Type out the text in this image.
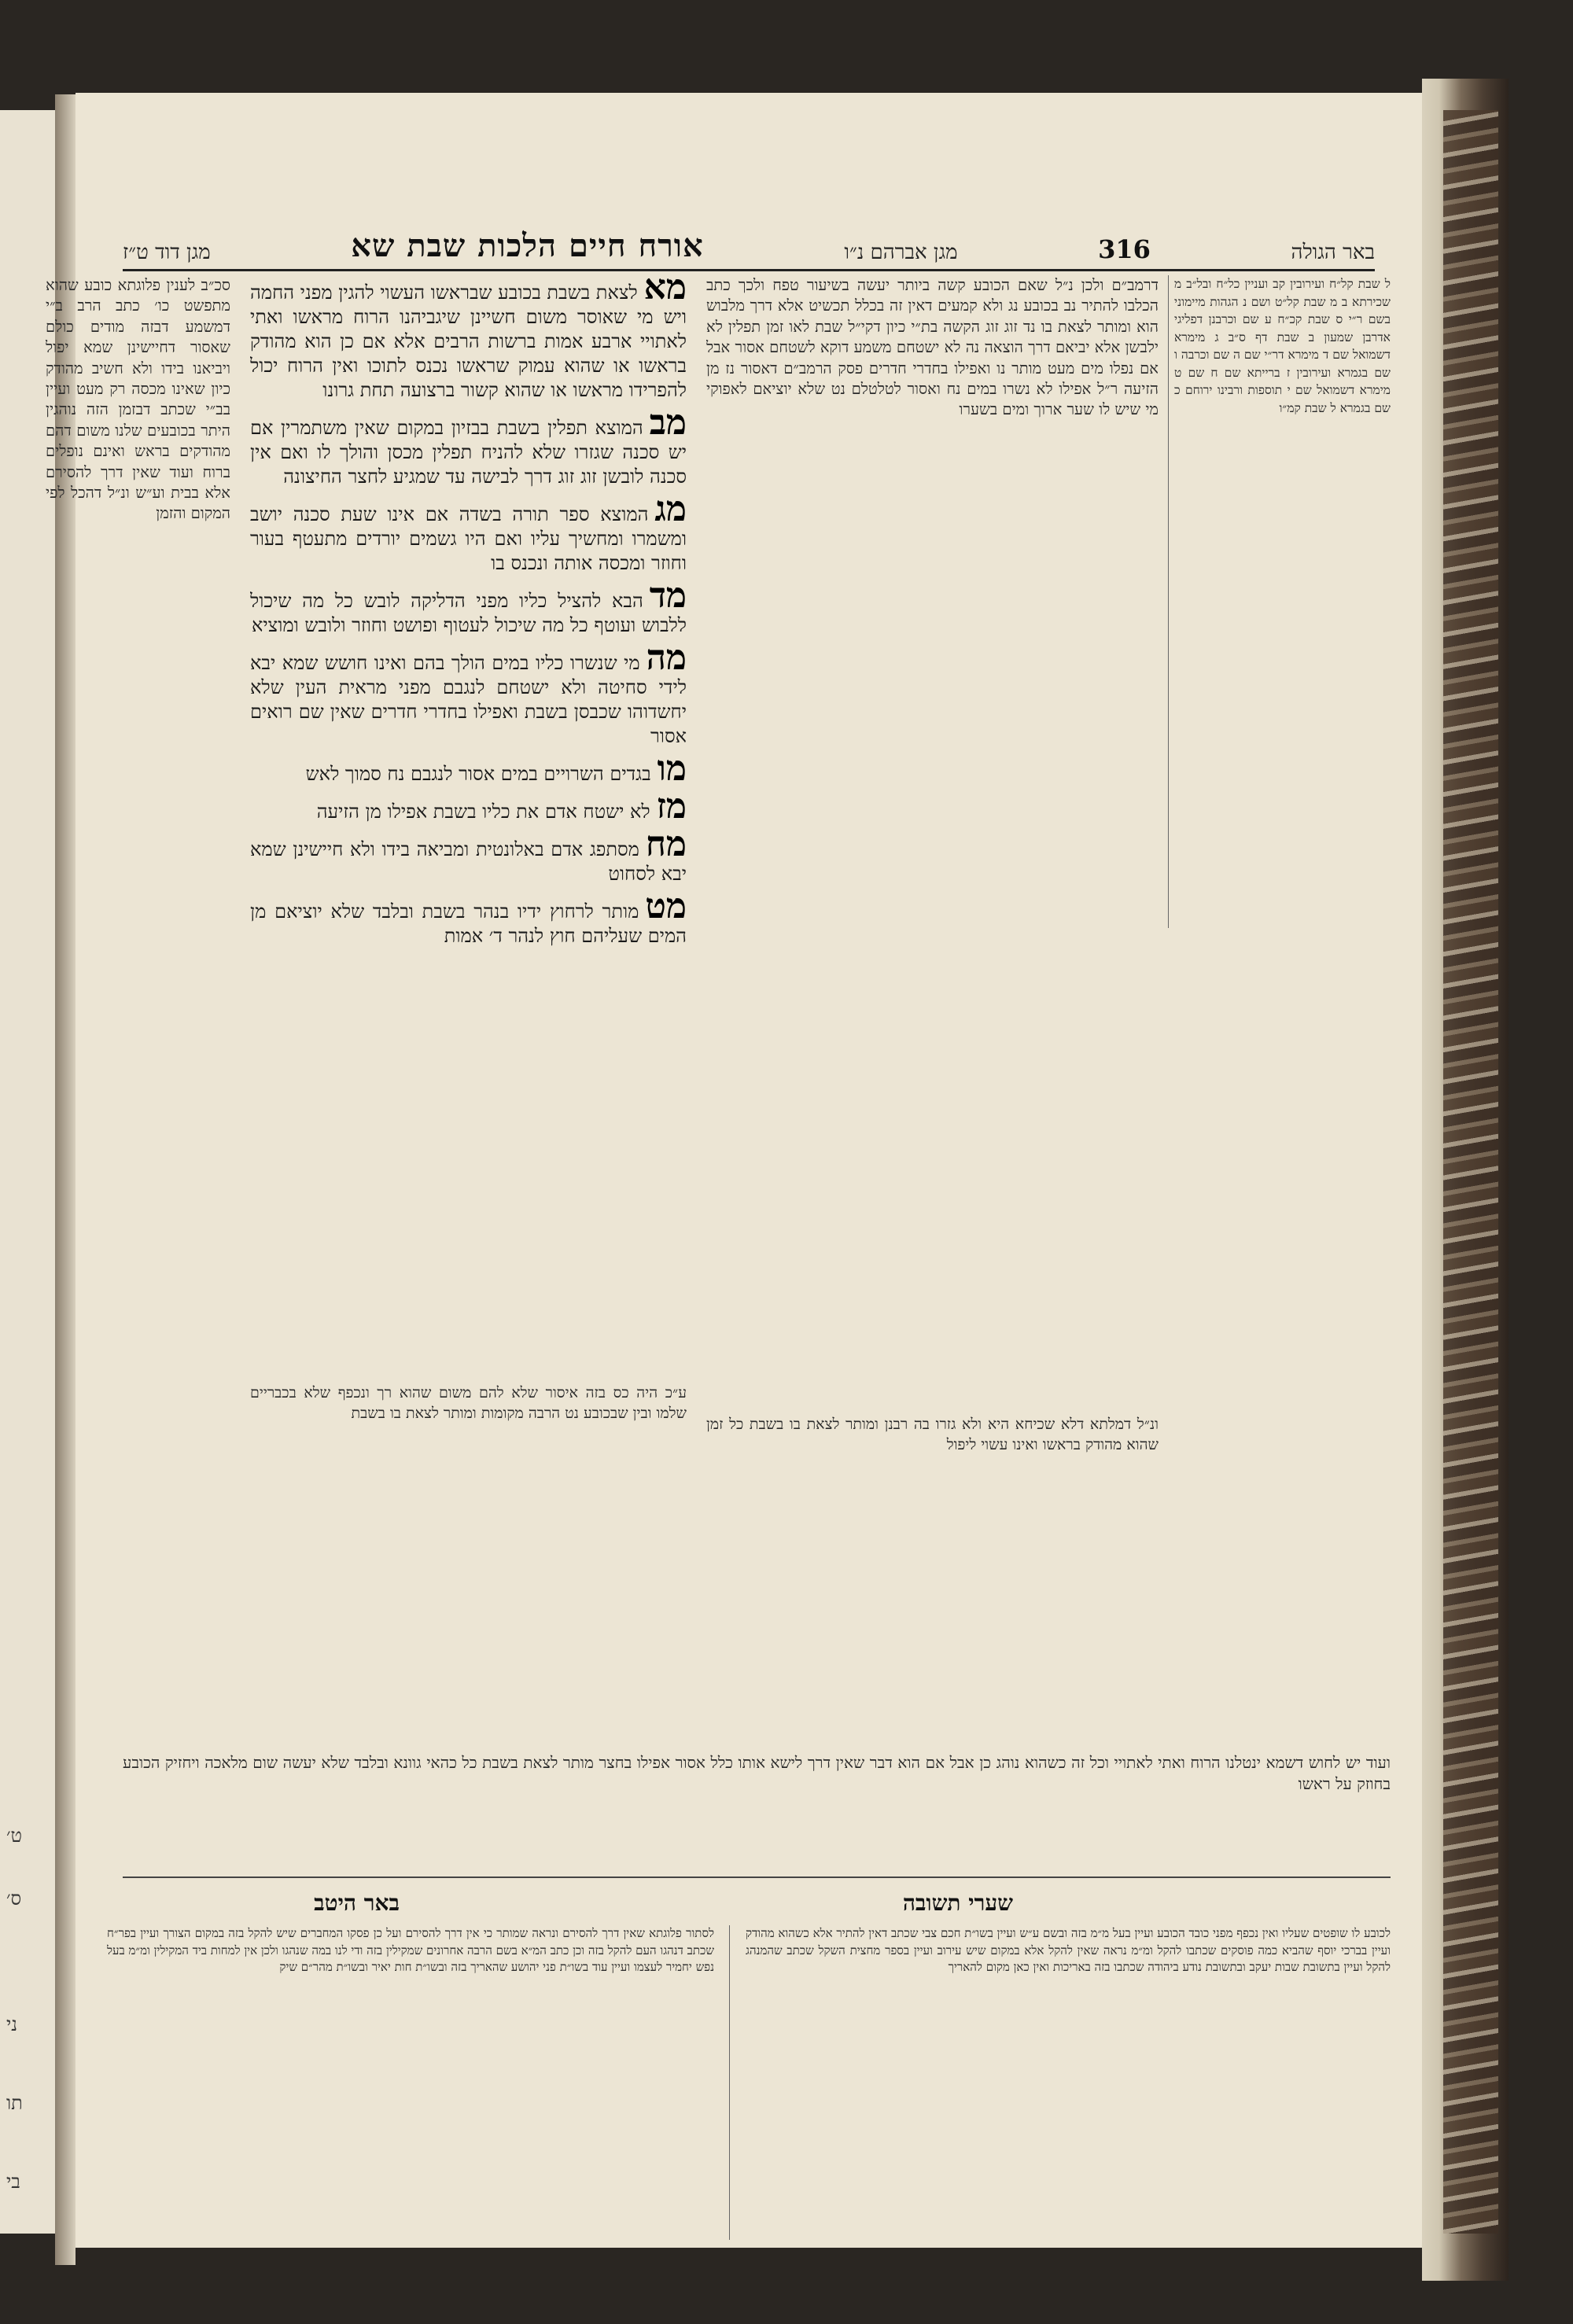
ט׳
ס׳
ני
תו
בי
באר הגולה
316
מגן אברהם נ״ו
אורח חיים הלכות שבת שא
מגן דוד ט״ז
ל שבת קל״ח ועירובין קב ועניין כל״ח ובל״ב מ שכירתא ב מ שבת קל״ט ושם נ הגהות מיימוני בשם ר״י ס שבת קכ״ח ע שם וכרבנן דפליגי אדרבן שמעון ב שבת דף ס״ב ג מימרא דשמואל שם ד מימרא דר״י שם ה שם וכרבה ו שם בגמרא ועירובין ז ברייתא שם ח שם ט מימרא דשמואל שם י תוספות ורבינו ירוחם כ שם בגמרא ל שבת קמ״ו
דרמב״ם ולכן נ״ל שאם הכובע קשה ביותר יעשה בשיעור טפח ולכך כתב הכלבו להתיר נב בכובע נג ולא קמעים דאין זה בכלל תכשיט אלא דרך מלבוש הוא ומותר לצאת בו נד זוג זוג הקשה בת״י כיון דקי״ל שבת לאו זמן תפלין לא ילבשן אלא יביאם דרך הוצאה נה לא ישטחם משמע דוקא לשטחם אסור אבל אם נפלו מים מעט מותר נו ואפילו בחדרי חדרים פסק הרמב״ם דאסור נז מן הזיעה ר״ל אפילו לא נשרו במים נח ואסור לטלטלם נט שלא יוציאם לאפוקי מי שיש לו שער ארוך ומים בשערו
מאלצאת בשבת בכובע שבראשו העשוי להגין מפני החמה ויש מי שאוסר משום חשיינן שיגביהנו הרוח מראשו ואתי לאתויי ארבע אמות ברשות הרבים אלא אם כן הוא מהודק בראשו או שהוא עמוק שראשו נכנס לתוכו ואין הרוח יכול להפרידו מראשו או שהוא קשור ברצועה תחת גרונו
מבהמוצא תפלין בשבת בבזיון במקום שאין משתמרין אם יש סכנה שגזרו שלא להניח תפלין מכסן והולך לו ואם אין סכנה לובשן זוג זוג דרך לבישה עד שמגיע לחצר החיצונה
מגהמוצא ספר תורה בשדה אם אינו שעת סכנה יושב ומשמרו ומחשיך עליו ואם היו גשמים יורדים מתעטף בעור וחוזר ומכסה אותה ונכנס בו
מדהבא להציל כליו מפני הדליקה לובש כל מה שיכול ללבוש ועוטף כל מה שיכול לעטוף ופושט וחוזר ולובש ומוציא
מהמי שנשרו כליו במים הולך בהם ואינו חושש שמא יבא לידי סחיטה ולא ישטחם לנגבם מפני מראית העין שלא יחשדוהו שכבסן בשבת ואפילו בחדרי חדרים שאין שם רואים אסור
מובגדים השרויים במים אסור לנגבם נח סמוך לאש
מזלא ישטח אדם את כליו בשבת אפילו מן הזיעה
מחמסתפג אדם באלונטית ומביאה בידו ולא חיישינן שמא יבא לסחוט
מטמותר לרחוץ ידיו בנהר בשבת ובלבד שלא יוציאם מן המים שעליהם חוץ לנהר ד׳ אמות
סכ״ב לענין פלוגתא כובע שהוא מתפשט כו׳ כתב הרב ב״י דמשמע דבזה מודים כולם שאסור דחיישינן שמא יפול ויביאנו בידו ולא חשיב מהודק כיון שאינו מכסה רק מעט ועיין בב״י שכתב דבזמן הזה נוהגין היתר בכובעים שלנו משום דהם מהודקים בראש ואינם נופלים ברוח ועוד שאין דרך להסירם אלא בבית וע״ש ונ״ל דהכל לפי המקום והזמן
ונ״ל דמלתא דלא שכיחא היא ולא גזרו בה רבנן ומותר לצאת בו בשבת כל זמן שהוא מהודק בראשו ואינו עשוי ליפול
ע״כ היה כס בזה איסור שלא להם משום שהוא רך ונכפף שלא בכבריים שלמו ובין שבכובע נט הרבה מקומות ומותר לצאת בו בשבת
ועוד יש לחוש דשמא ינטלנו הרוח ואתי לאתויי וכל זה כשהוא נוהג כן אבל אם הוא דבר שאין דרך לישא אותו כלל אסור אפילו בחצר מותר לצאת בשבת כל כהאי גוונא ובלבד שלא יעשה שום מלאכה ויחזיק הכובע בחוזק על ראשו
שערי תשובה
באר היטב
לכובע לו שופטים שעליו ואין נכפף מפני כובד הכובע ועיין בעל מ״מ בזה ובשם ע״ש ועיין בשו״ת חכם צבי שכתב דאין להתיר אלא כשהוא מהודק ועיין בברכי יוסף שהביא כמה פוסקים שכתבו להקל ומ״מ נראה שאין להקל אלא במקום שיש עירוב ועיין בספר מחצית השקל שכתב שהמנהג להקל ועיין בתשובת שבות יעקב ובתשובת נודע ביהודה שכתבו בזה באריכות ואין כאן מקום להאריך
לסתור פלוגתא שאין דרך להסירם ונראה שמותר כי אין דרך להסירם ועל כן פסקו המחברים שיש להקל בזה במקום הצורך ועיין בפר״ח שכתב דנהגו העם להקל בזה וכן כתב המ״א בשם הרבה אחרונים שמקילין בזה ודי לנו במה שנהגו ולכן אין למחות ביד המקילין ומ״מ בעל נפש יחמיר לעצמו ועיין עוד בשו״ת פני יהושע שהאריך בזה ובשו״ת חות יאיר ובשו״ת מהר״ם שיק
